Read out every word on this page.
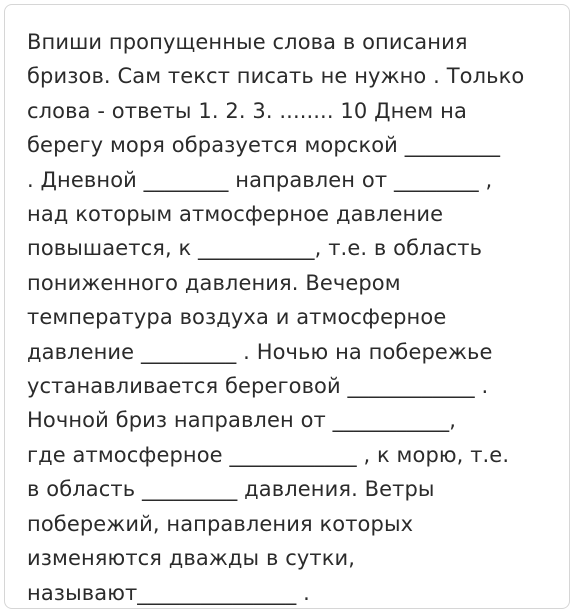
Впиши пропущенные слова в описания
бризов. Сам текст писать не нужно . Только
слова - ответы 1. 2. 3. ........ 10 Днем на
берегу моря образуется морской _________
. Дневной ________ направлен от ________ ,
над которым атмосферное давление
повышается, к ___________, т.е. в область
пониженного давления. Вечером
температура воздуха и атмосферное
давление _________ . Ночью на побережье
устанавливается береговой ____________ .
Ночной бриз направлен от ___________,
где атмосферное ____________ , к морю, т.е.
в область _________ давления. Ветры
побережий, направления которых
изменяются дважды в сутки,
называют_______________ .
